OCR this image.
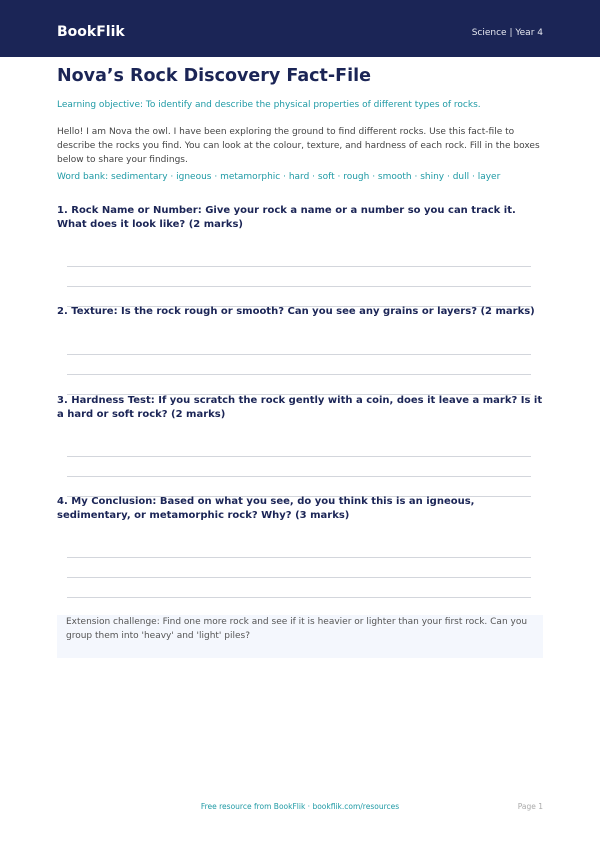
BookFlik	Science | Year 4
Nova’s Rock Discovery Fact-File
Learning objective: To identify and describe the physical properties of different types of rocks.
Hello! I am Nova the owl. I have been exploring the ground to find different rocks. Use this fact-file to describe the rocks you find. You can look at the colour, texture, and hardness of each rock. Fill in the boxes below to share your findings.
Word bank: sedimentary · igneous · metamorphic · hard · soft · rough · smooth · shiny · dull · layer
1. Rock Name or Number: Give your rock a name or a number so you can track it. What does it look like? (2 marks)
2. Texture: Is the rock rough or smooth? Can you see any grains or layers? (2 marks)
3. Hardness Test: If you scratch the rock gently with a coin, does it leave a mark? Is it a hard or soft rock? (2 marks)
4. My Conclusion: Based on what you see, do you think this is an igneous, sedimentary, or metamorphic rock? Why? (3 marks)
Extension challenge: Find one more rock and see if it is heavier or lighter than your first rock. Can you group them into 'heavy' and 'light' piles?
Free resource from BookFlik · bookflik.com/resources	Page 1
